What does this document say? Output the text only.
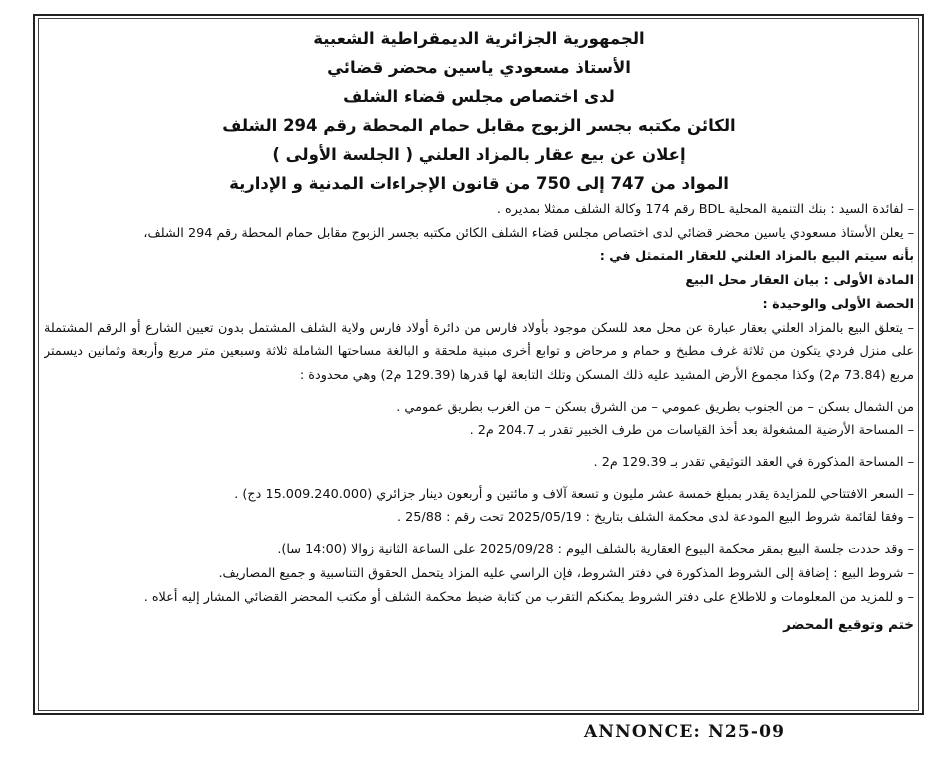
الجمهورية الجزائرية الديمقراطية الشعبية

الأستاذ مسعودي ياسين محضر قضائي

لدى اختصاص مجلس قضاء الشلف

الكائن مكتبه بجسر الزبوج مقابل حمام المحطة رقم 294 الشلف

إعلان عن بيع عقار بالمزاد العلني ( الجلسة الأولى )

المواد من 747 إلى 750 من قانون الإجراءات المدنية و الإدارية

– لفائدة السيد : بنك التنمية المحلية BDL رقم 174 وكالة الشلف ممثلا بمديره .

– يعلن الأستاذ مسعودي ياسين محضر قضائي لدى اختصاص مجلس قضاء الشلف الكائن مكتبه بجسر الزبوج مقابل حمام المحطة رقم 294 الشلف،

بأنه سيتم البيع بالمزاد العلني للعقار المتمثل في :

المادة الأولى : بيان العقار محل البيع

الحصة الأولى والوحيدة :

– يتعلق البيع بالمزاد العلني بعقار عبارة عن محل معد للسكن موجود بأولاد فارس من دائرة أولاد فارس ولاية الشلف المشتمل بدون تعيين الشارع أو الرقم المشتملة على منزل فردي يتكون من ثلاثة غرف مطبخ و حمام و مرحاض و توابع أخرى مبنية ملحقة و البالغة مساحتها الشاملة ثلاثة وسبعين متر مربع وأربعة وثمانين ديسمتر مربع (73.84 م2) وكذا مجموع الأرض المشيد عليه ذلك المسكن وتلك التابعة لها قدرها (129.39 م2) وهي محدودة :

من الشمال بسكن – من الجنوب بطريق عمومي – من الشرق بسكن – من الغرب بطريق عمومي .

– المساحة الأرضية المشغولة بعد أخذ القياسات من طرف الخبير تقدر بـ 204.7 م2 .

– المساحة المذكورة في العقد التوثيقي تقدر بـ 129.39 م2 .

– السعر الافتتاحي للمزايدة يقدر بمبلغ خمسة عشر مليون و تسعة آلاف و مائتين و أربعون دينار جزائري (15.009.240.000 دج) .

– وفقا لقائمة شروط البيع المودعة لدى محكمة الشلف بتاريخ : 2025/05/19 تحت رقم : 25/88 .

– وقد حددت جلسة البيع بمقر محكمة البيوع العقارية بالشلف اليوم : 2025/09/28 على الساعة الثانية زوالا (14:00 سا).

– شروط البيع : إضافة إلى الشروط المذكورة في دفتر الشروط، فإن الراسي عليه المزاد يتحمل الحقوق التناسبية و جميع المصاريف.

– و للمزيد من المعلومات و للاطلاع على دفتر الشروط يمكنكم التقرب من كتابة ضبط محكمة الشلف أو مكتب المحضر القضائي المشار إليه أعلاه .

ختم وتوقيع المحضر

ANNONCE: N25-09
